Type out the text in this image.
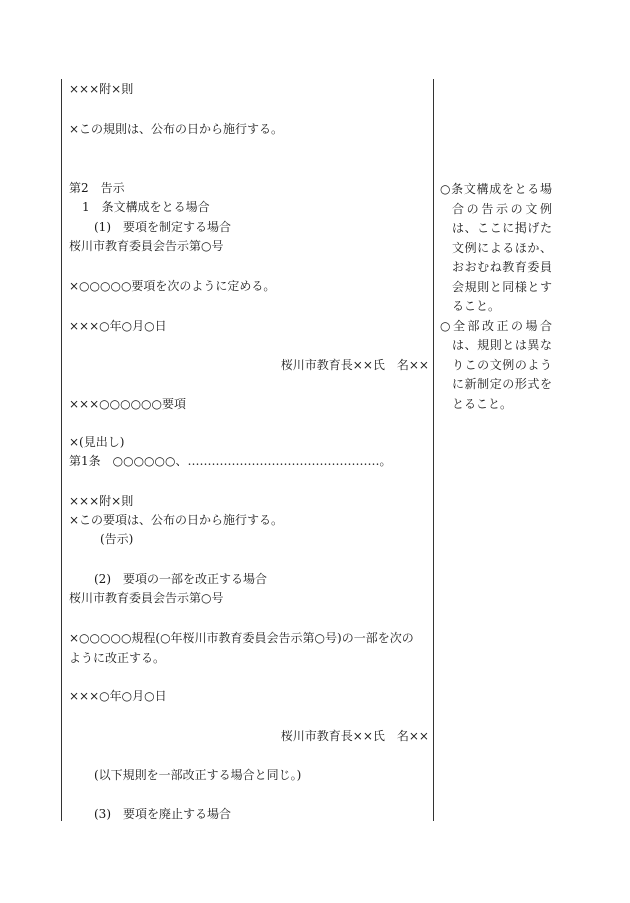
×××附×則
×この規則は、公布の日から施行する。
第2　告示
1　条文構成をとる場合
(1)　要項を制定する場合
桜川市教育委員会告示第○号
×○○○○○要項を次のように定める。
×××○年○月○日
桜川市教育長××氏　名××
×××○○○○○○要項
×(見出し)
第1条　○○○○○○、…………………………………………。
×××附×則
×この要項は、公布の日から施行する。
(告示)
(2)　要項の一部を改正する場合
桜川市教育委員会告示第○号
×○○○○○規程(○年桜川市教育委員会告示第○号)の一部を次の
ように改正する。
×××○年○月○日
桜川市教育長××氏　名××
(以下規則を一部改正する場合と同じ。)
(3)　要項を廃止する場合

○条文構成をとる場合の告示の文例は、ここに掲げた文例によるほか、おおむね教育委員会規則と同様とすること。

○全部改正の場合は、規則とは異なりこの文例のように新制定の形式をとること。
